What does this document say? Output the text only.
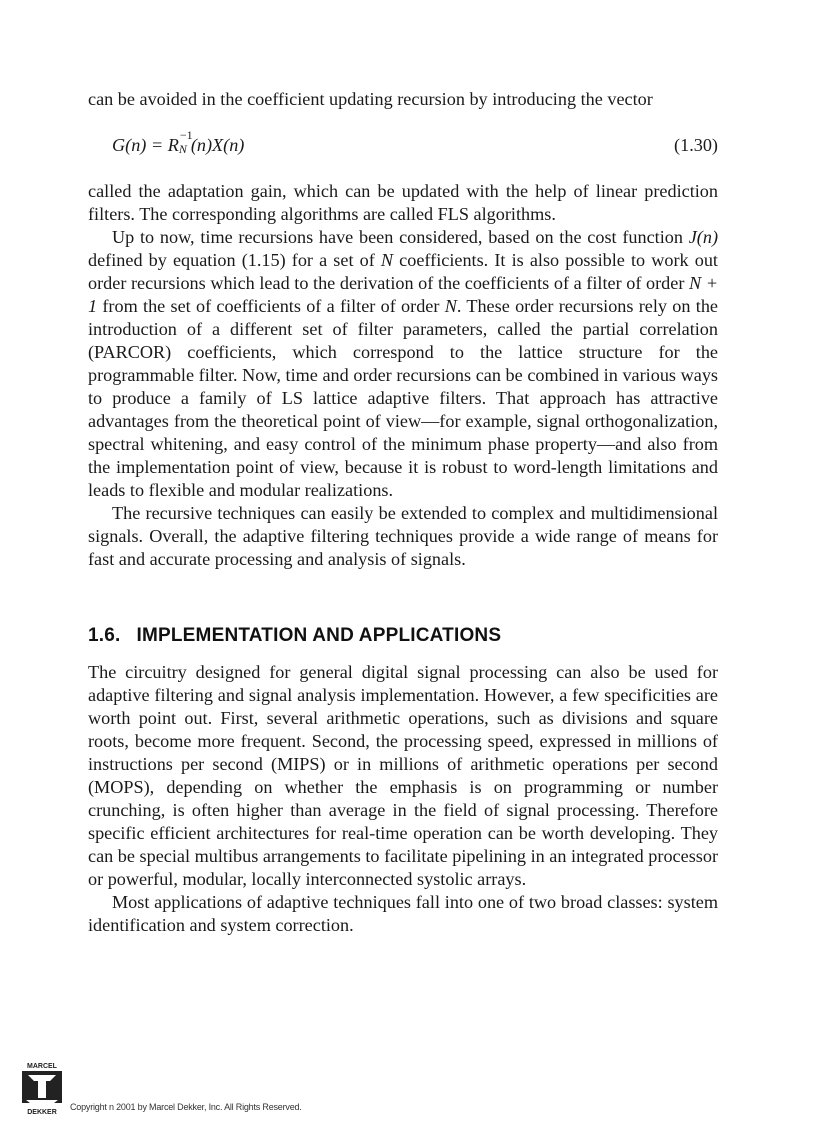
can be avoided in the coefficient updating recursion by introducing the vector

G(n) = R −1
N (n)X(n)	(1.30)

called the adaptation gain, which can be updated with the help of linear prediction filters. The corresponding algorithms are called FLS algorithms.

Up to now, time recursions have been considered, based on the cost function J(n) defined by equation (1.15) for a set of N coefficients. It is also possible to work out order recursions which lead to the derivation of the coefficients of a filter of order N + 1 from the set of coefficients of a filter of order N. These order recursions rely on the introduction of a different set of filter parameters, called the partial correlation (PARCOR) coefficients, which correspond to the lattice structure for the programmable filter. Now, time and order recursions can be combined in various ways to produce a family of LS lattice adaptive filters. That approach has attractive advantages from the theoretical point of view—for example, signal orthogonalization, spectral whitening, and easy control of the minimum phase property—and also from the implementation point of view, because it is robust to word-length limitations and leads to flexible and modular realizations.

The recursive techniques can easily be extended to complex and multidimensional signals. Overall, the adaptive filtering techniques provide a wide range of means for fast and accurate processing and analysis of signals.

1.6. IMPLEMENTATION AND APPLICATIONS

The circuitry designed for general digital signal processing can also be used for adaptive filtering and signal analysis implementation. However, a few specificities are worth point out. First, several arithmetic operations, such as divisions and square roots, become more frequent. Second, the processing speed, expressed in millions of instructions per second (MIPS) or in millions of arithmetic operations per second (MOPS), depending on whether the emphasis is on programming or number crunching, is often higher than average in the field of signal processing. Therefore specific efficient architectures for real-time operation can be worth developing. They can be special multibus arrangements to facilitate pipelining in an integrated processor or powerful, modular, locally interconnected systolic arrays.

Most applications of adaptive techniques fall into one of two broad classes: system identification and system correction.

MARCEL
DEKKER
Copyright n 2001 by Marcel Dekker, Inc. All Rights Reserved.
